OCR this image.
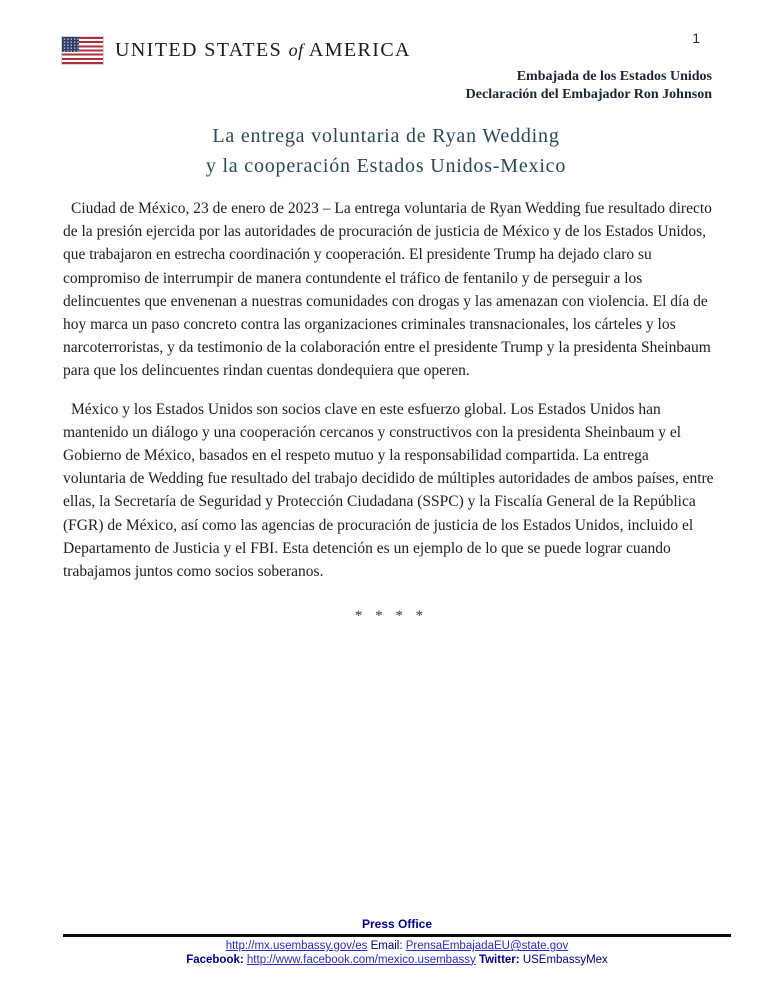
1
UNITED STATES of AMERICA
Embajada de los Estados Unidos
Declaración del Embajador Ron Johnson
La entrega voluntaria de Ryan Wedding
y la cooperación Estados Unidos-Mexico

Ciudad de México, 23 de enero de 2023 – La entrega voluntaria de Ryan Wedding fue resultado directo de la presión ejercida por las autoridades de procuración de justicia de México y de los Estados Unidos, que trabajaron en estrecha coordinación y cooperación. El presidente Trump ha dejado claro su compromiso de interrumpir de manera contundente el tráfico de fentanilo y de perseguir a los delincuentes que envenenan a nuestras comunidades con drogas y las amenazan con violencia. El día de hoy marca un paso concreto contra las organizaciones criminales transnacionales, los cárteles y los narcoterroristas, y da testimonio de la colaboración entre el presidente Trump y la presidenta Sheinbaum para que los delincuentes rindan cuentas dondequiera que operen.

México y los Estados Unidos son socios clave en este esfuerzo global. Los Estados Unidos han mantenido un diálogo y una cooperación cercanos y constructivos con la presidenta Sheinbaum y el Gobierno de México, basados en el respeto mutuo y la responsabilidad compartida. La entrega voluntaria de Wedding fue resultado del trabajo decidido de múltiples autoridades de ambos países, entre ellas, la Secretaría de Seguridad y Protección Ciudadana (SSPC) y la Fiscalía General de la República (FGR) de México, así como las agencias de procuración de justicia de los Estados Unidos, incluido el Departamento de Justicia y el FBI. Esta detención es un ejemplo de lo que se puede lograr cuando trabajamos juntos como socios soberanos.

* * * *
Press Office
http://mx.usembassy.gov/es Email: PrensaEmbajadaEU@state.gov
Facebook: http://www.facebook.com/mexico.usembassy Twitter: USEmbassyMex
